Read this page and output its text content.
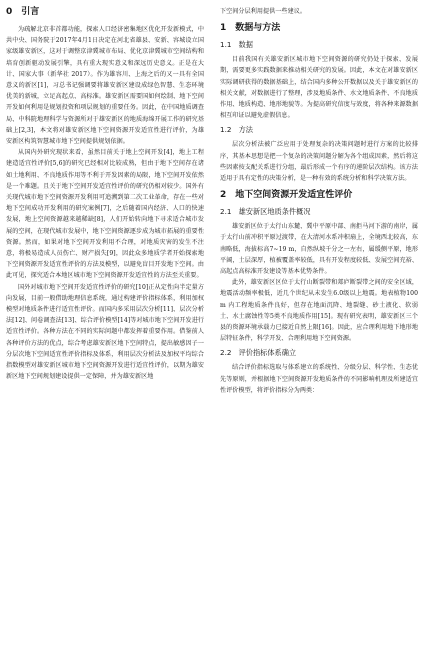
0　引言

为疏解北京非首都功能，探索人口经济密集地区优化开发新模式，中共中央、国务院于2017年4月1日决定在河北省雄县、安新、容城设立国家级雄安新区，这对于调整京津冀城市布局、优化京津冀城市空间结构和培育创新驱动发展引擎，具有重大现实意义和深远历史意义。正是在大计、国家大事（新华社 2017）。作为雄容川、上海之后的又一具有全国意义的新区[1]，习总书记强调要将雄安新区建设成绿色智慧、生态环境优美的新城，立足高起点、高标准。雄安新区需要国如何绘制、地下空间开发如何利用是规划投资和项层规划的重要任务。因此，在中国地质调查局、中科院地理科学与资源所对于雄安新区的地质海绵开展工作的研究基础上[2,3]，本文将对雄安新区地下空间资源开发适宜性进行评价，为雄安新区构筑智慧城市地下空间提供规划依据。

从国内外研究现状来看，虽然目前关于地上空间开发[4]，地上工程建造适宜性评价[5,6]的研究已经相对比较成熟，但由于地下空间存在诸如土地利用、不良地质作用等不利于开发因素的局限，地下空间开发依然是一个难题。且关于地下空间开发适宜性评价的研究仍相对较少。国外有关现代城市地下空间资源开发利用可追溯到第二次工业革命，存在一些对地下空间成功开发利用的研究案例[7]，之后随着国内经济、人口的快速发展，地上空间资源越来越稀缺[8]，人们开始转向地下寻求适合城市发展的空间，在现代城市发展中，地下空间资源逐步成为城市拓展的重要性资源。然而，如果对地下空间开发利用不合理，对地质灾害的发生不注意，将极易造成人员伤亡、财产损失[9]，因此众多地质学者开始探索地下空间资源开发适宜性评价的方法及模型，以避免盲目开发地下空间。由此可见，探究适合本地区城市地下空间资源开发适宜性的方法至关重要。

国外对城市地下空间开发适宜性评价的研究[10]正从定性向半定量方向发展，目前一般借助地理信息系统，通过构建评价指标体系，利用加权模型对地质条件进行适宜性评价。而国内多采用层次分析[11]、层次分析法[12]、问卷调查法[13]、综合评价模型[14]等对城市地下空间开发进行适宜性评价。各种方法在不同的实际问题中都发挥着重要作用。借鉴前人各种评价方法的优点，综合考虑雄安新区地下空间特点，提出敏感因子一分层次地下空间适宜性评价指标及体系，利用层次分析法及加权平均综合指数模型对雄安新区城市地下空间资源开发进行适宜性评价，以期为雄安新区地下空间规划建设提供一定保障，并为雄安新区地

下空间分层利用提供一些建议。

1　数据与方法
1.1　数据

目前我国有关雄安新区城市地下空间资源的研究仍处于探索、发展期，需要更多实践数据来推动相关研究的发展。因此，本文在对雄安新区实际调研获得的数据基础上，结合国内多种公开数据以及关于雄安新区的相关文献，对数据进行了整理，涉及地质条件、水文地质条件、不良地质作用、地质构造、地形地貌等。为提高研究信度与效度，将各种来源数据相互印证以避免虚假信息。

1.2　方法

层次分析法被广泛应用于处理复杂的决策问题时进行方案的比较排序，其基本思想是把一个复杂的决策问题分解为各个组成因素，然后将这些因素按支配关系进行分组，最后形成一个有序的递阶层次结构。该方法适用于具有定性的决策分析，是一种有效的系统分析和科学决策方法。

2　地下空间资源开发适宜性评价
2.1　雄安新区地质条件概况

雄安新区位于太行山东麓、冀中平原中部、南拒马河下游的南岸，属于太行山前冲积平原过渡带，在大清河水系冲积扇上，全境西北较高，东南略低，海拔标高7~19 m，自然纵坡千分之一左右，属缓侧平原，地形平阔，土层深厚，植被覆盖率较低，具有开发程度较低、发展空间充裕、高起点高标准开发建设等基本优势条件。

此外，雄安新区区位于太行山断裂带和郯庐断裂带之间的安全区域，地震活动频率极低，近几个世纪从未发生6.0级以上地震。地表植物100 m 内工程地质条件良好，但存在地面沉降、地裂缝、砂土液化、软弱土、水土腐蚀性等5类不良地质作用[15]。现有研究表明，雄安新区三个县的资源环境承载力已接近自然上限[16]。因此，应合理利用地下地形地层特征条件，科学开发、合理利用地下空间资源。

2.2　评价指标体系确立

结合评价指标选取与体系建立的系统性、分级分层、科学性、生态优先等原则，并根据地下空间资源开发地质条件的不同影响机理及所建适宜性评价模型，将评价指标分为两类：
